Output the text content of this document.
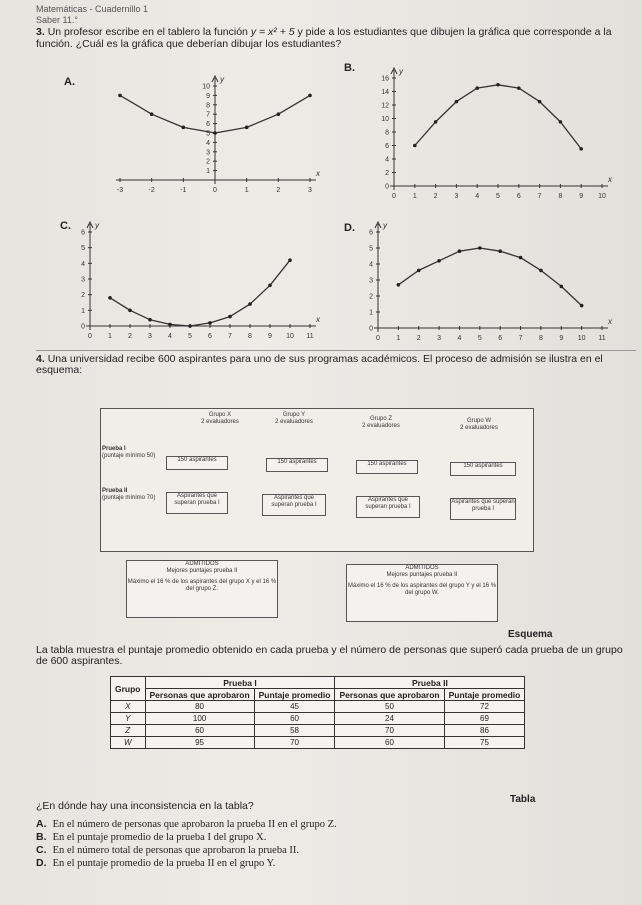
Matemáticas - Cuadernillo 1
Saber 11.°
3. Un profesor escribe en el tablero la función y = x² + 5 y pide a los estudiantes que dibujen la gráfica que corresponde a la función. ¿Cuál es la gráfica que deberían dibujar los estudiantes?
A.
B.
C.	D.
-3	-2	-1	0	1	2	3
1
2
3
4
5
6
7
8
9
10
y
x
0 1 2 3 4 5 6 7 8 9 10
0
2
4
6
8
10
12
14
16
y
x
0 1 2 3 4 5 6 7 8 9 10 11
0
1
2
3
4
5
6
y
x
0 1 2 3 4 5 6 7 8 9 10 11
0
1
2
3
4
5
6
y
x
4. Una universidad recibe 600 aspirantes para uno de sus programas académicos. El proceso de admisión se ilustra en el esquema:
Grupo X
2 evaluadores
Grupo Y
2 evaluadores	Grupo Z
2 evaluadores
Grupo W
2 evaluadores
Prueba I
(puntaje mínimo 50)
Prueba II
(puntaje mínimo 70)
150 aspirantes	150 aspirantes	150 aspirantes	150 aspirantes
Aspirantes que superan prueba I
Aspirantes que superan prueba I
Aspirantes que superan prueba I
Aspirantes que superan prueba I
ADMITIDOS
Mejores puntajes prueba II
Máximo el 16 % de los aspirantes del grupo X y el 16 % del grupo Z.
ADMITIDOS
Mejores puntajes prueba II
Máximo el 16 % de los aspirantes del grupo Y y el 16 % del grupo W.
Esquema
La tabla muestra el puntaje promedio obtenido en cada prueba y el número de personas que superó cada prueba de un grupo de 600 aspirantes.
Grupo	Prueba I		Prueba II	
	Personas que aprobaron	Puntaje promedio	Personas que aprobaron	Puntaje promedio
X	80	45	50	72
Y	100	60	24	69
Z	60	58	70	86
W	95	70	60	75
Tabla
¿En dónde hay una inconsistencia en la tabla?
A. En el número de personas que aprobaron la prueba II en el grupo Z.
B. En el puntaje promedio de la prueba I del grupo X.
C. En el número total de personas que aprobaron la prueba II.
D. En el puntaje promedio de la prueba II en el grupo Y.
